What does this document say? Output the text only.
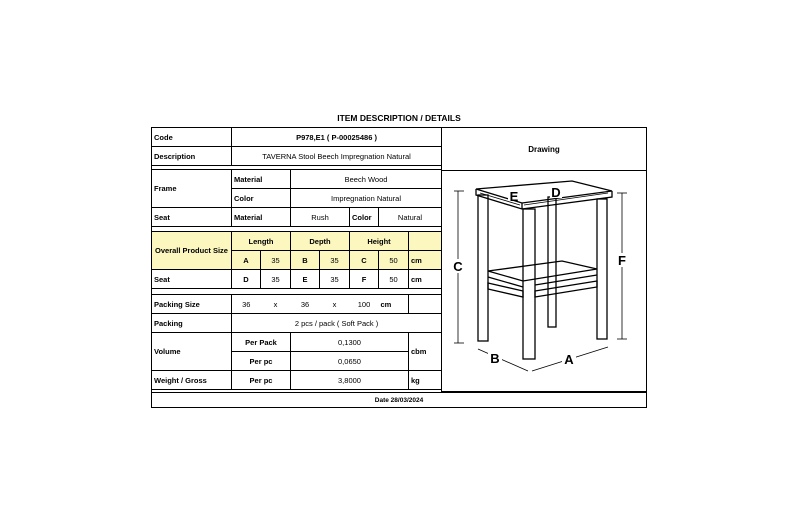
ITEM DESCRIPTION / DETAILS
Code	P978,E1 ( P-00025486 )						
Description	TAVERNA Stool Beech Impregnation Natural						

Frame	Material		Beech Wood				
	Color		Impregnation Natural				
Seat	Material		Rush		Color	Natural	

Overall Product Size	Length		Depth		Height		
	A	35	B	35	C	50	cm
Seat	D	35	E	35	F	50	cm

Packing Size	36	x	36	x	100	cm	
Packing	2 pcs / pack ( Soft Pack )						
Volume	Per Pack		0,1300				cbm
	Per pc		0,0650				
Weight / Gross	Per pc		3,8000				kg
Drawing
E	D
C	F
B	A
Date 28/03/2024
